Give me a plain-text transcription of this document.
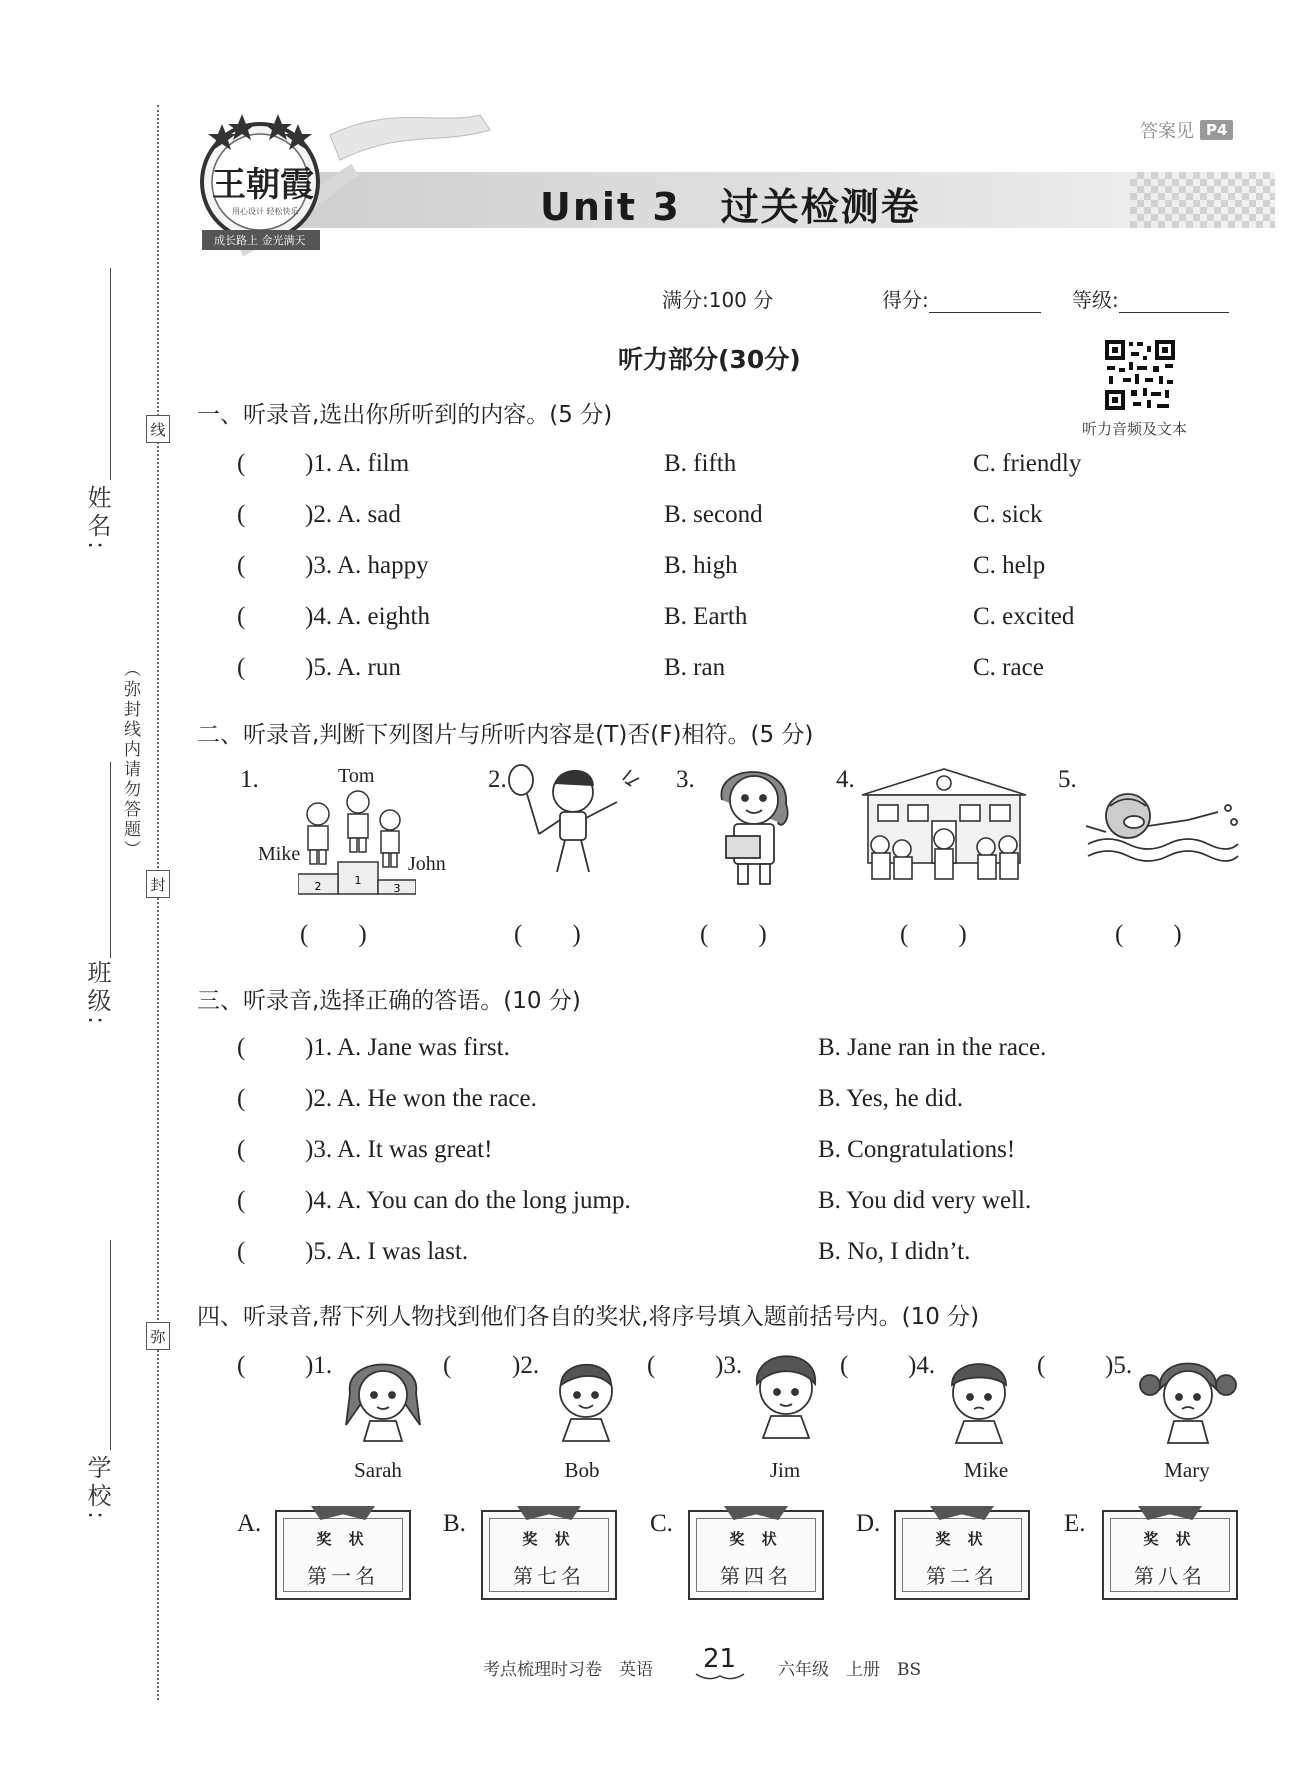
姓名:
班级:
学校:
线
封
弥
（弥封线内请勿答题）
王朝霞
用心设计 轻松快乐
成长路上 金光满天
答案见 P4
Unit 3　过关检测卷
满分:100 分	得分:	等级:
听力部分(30分)
听力音频及文本
一、听录音,选出你所听到的内容。(5 分)
( )1. A. film	B. fifth	C. friendly
( )2. A. sad	B. second	C. sick
( )3. A. happy	B. high	C. help
( )4. A. eighth	B. Earth	C. excited
( )5. A. run	B. ran	C. race
二、听录音,判断下列图片与所听内容是(T)否(F)相符。(5 分)
1.	2.	3.	4.	5.
Tom
Mike	John
2	1
3
(　　)	(　　)	(　　)	(　　)	(　　)
三、听录音,选择正确的答语。(10 分)
( )1. A. Jane was first.	B. Jane ran in the race.
( )2. A. He won the race.	B. Yes, he did.
( )3. A. It was great!	B. Congratulations!
( )4. A. You can do the long jump.	B. You did very well.
( )5. A. I was last.	B. No, I didn’t.
四、听录音,帮下列人物找到他们各自的奖状,将序号填入题前括号内。(10 分)
( )1.	( )2.	( )3.	( )4.	( )5.
Sarah	Bob	Jim	Mike	Mary
A.
奖 状
第一名
B.
奖 状
第七名
C.
奖 状
第四名
D.
奖 状
第二名
E.
奖 状
第八名
考点梳理时习卷　英语 21 六年级　上册　BS
